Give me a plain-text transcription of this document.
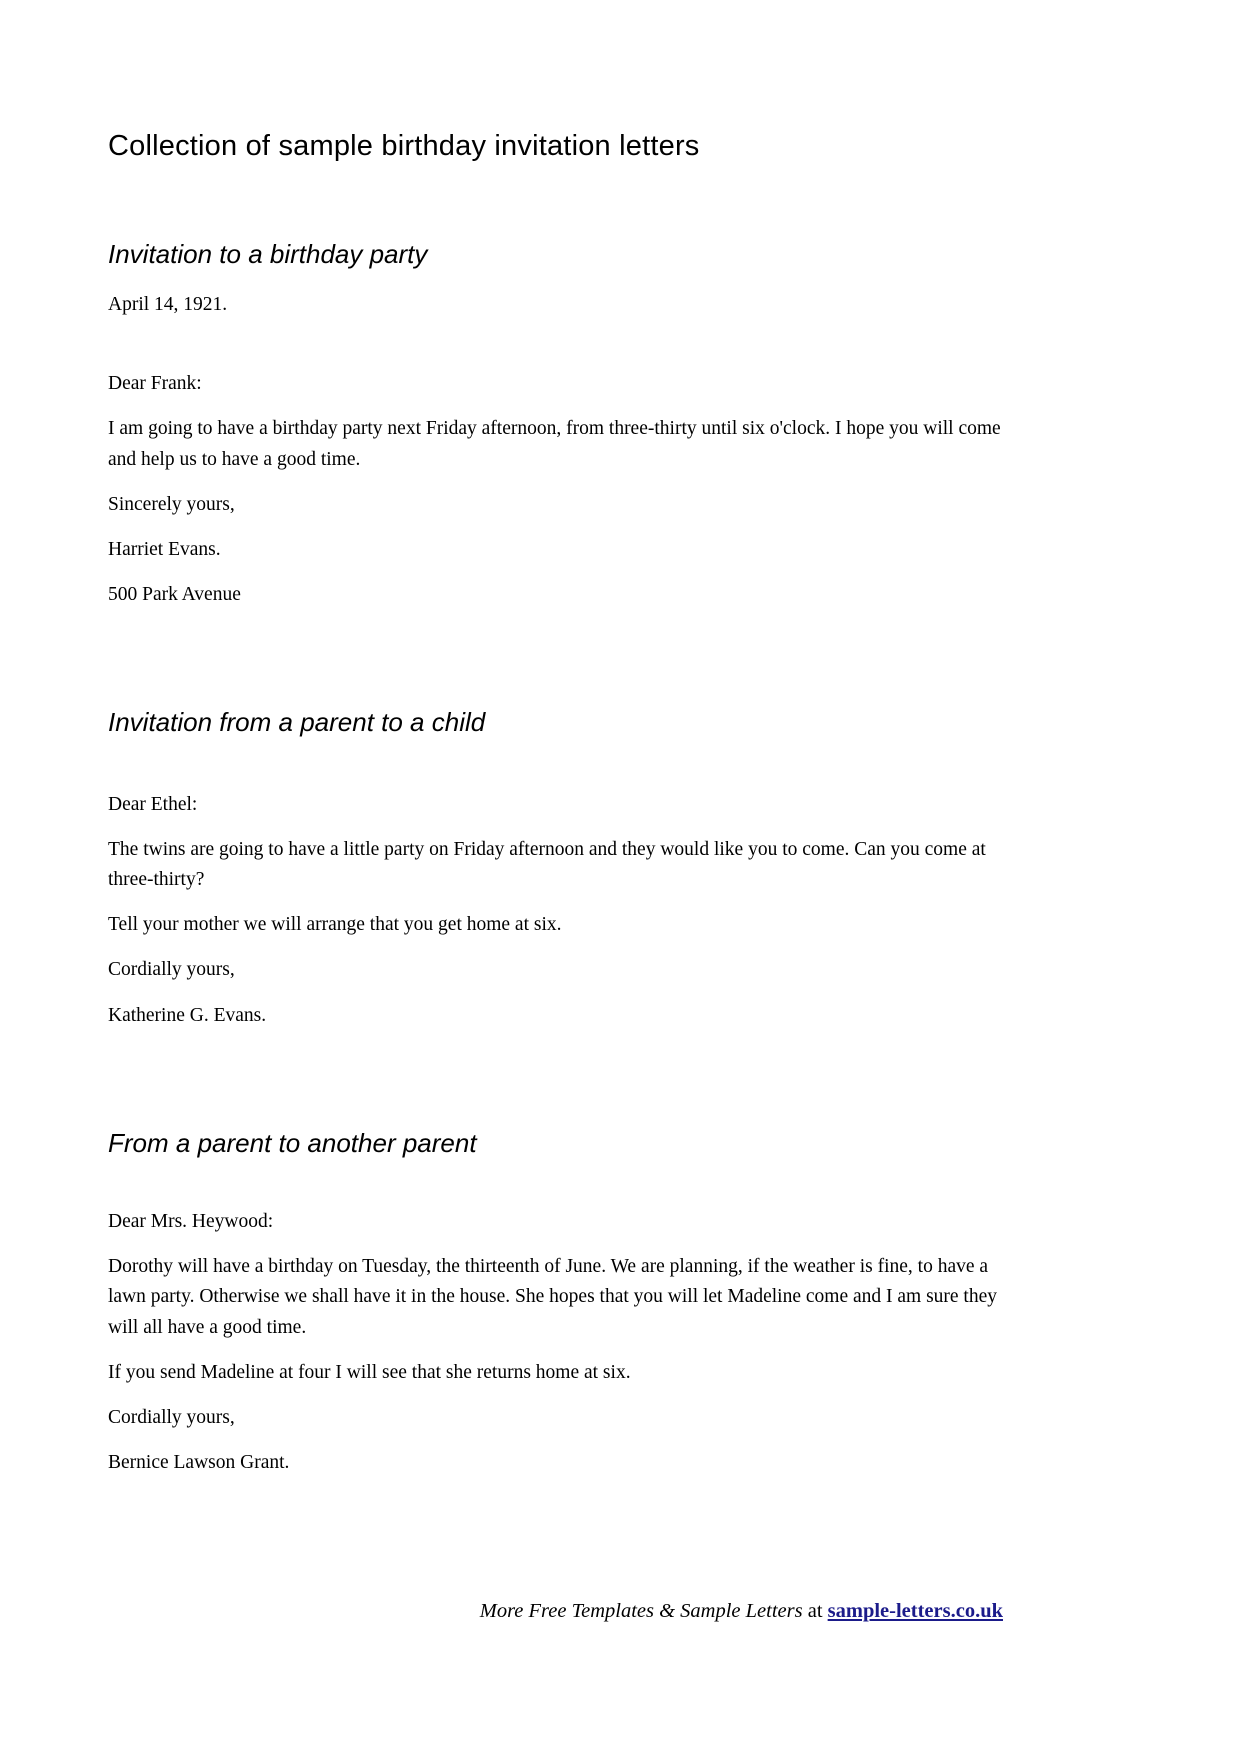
Collection of sample birthday invitation letters
Invitation to a birthday party

April 14, 1921.

Dear Frank:

I am going to have a birthday party next Friday afternoon, from three-thirty until six o'clock. I hope you will come and help us to have a good time.

Sincerely yours,

Harriet Evans.

500 Park Avenue

Invitation from a parent to a child

Dear Ethel:

The twins are going to have a little party on Friday afternoon and they would like you to come. Can you come at three-thirty?

Tell your mother we will arrange that you get home at six.

Cordially yours,

Katherine G. Evans.

From a parent to another parent

Dear Mrs. Heywood:

Dorothy will have a birthday on Tuesday, the thirteenth of June. We are planning, if the weather is fine, to have a lawn party. Otherwise we shall have it in the house. She hopes that you will let Madeline come and I am sure they will all have a good time.

If you send Madeline at four I will see that she returns home at six.

Cordially yours,

Bernice Lawson Grant.

More Free Templates & Sample Letters at sample-letters.co.uk
